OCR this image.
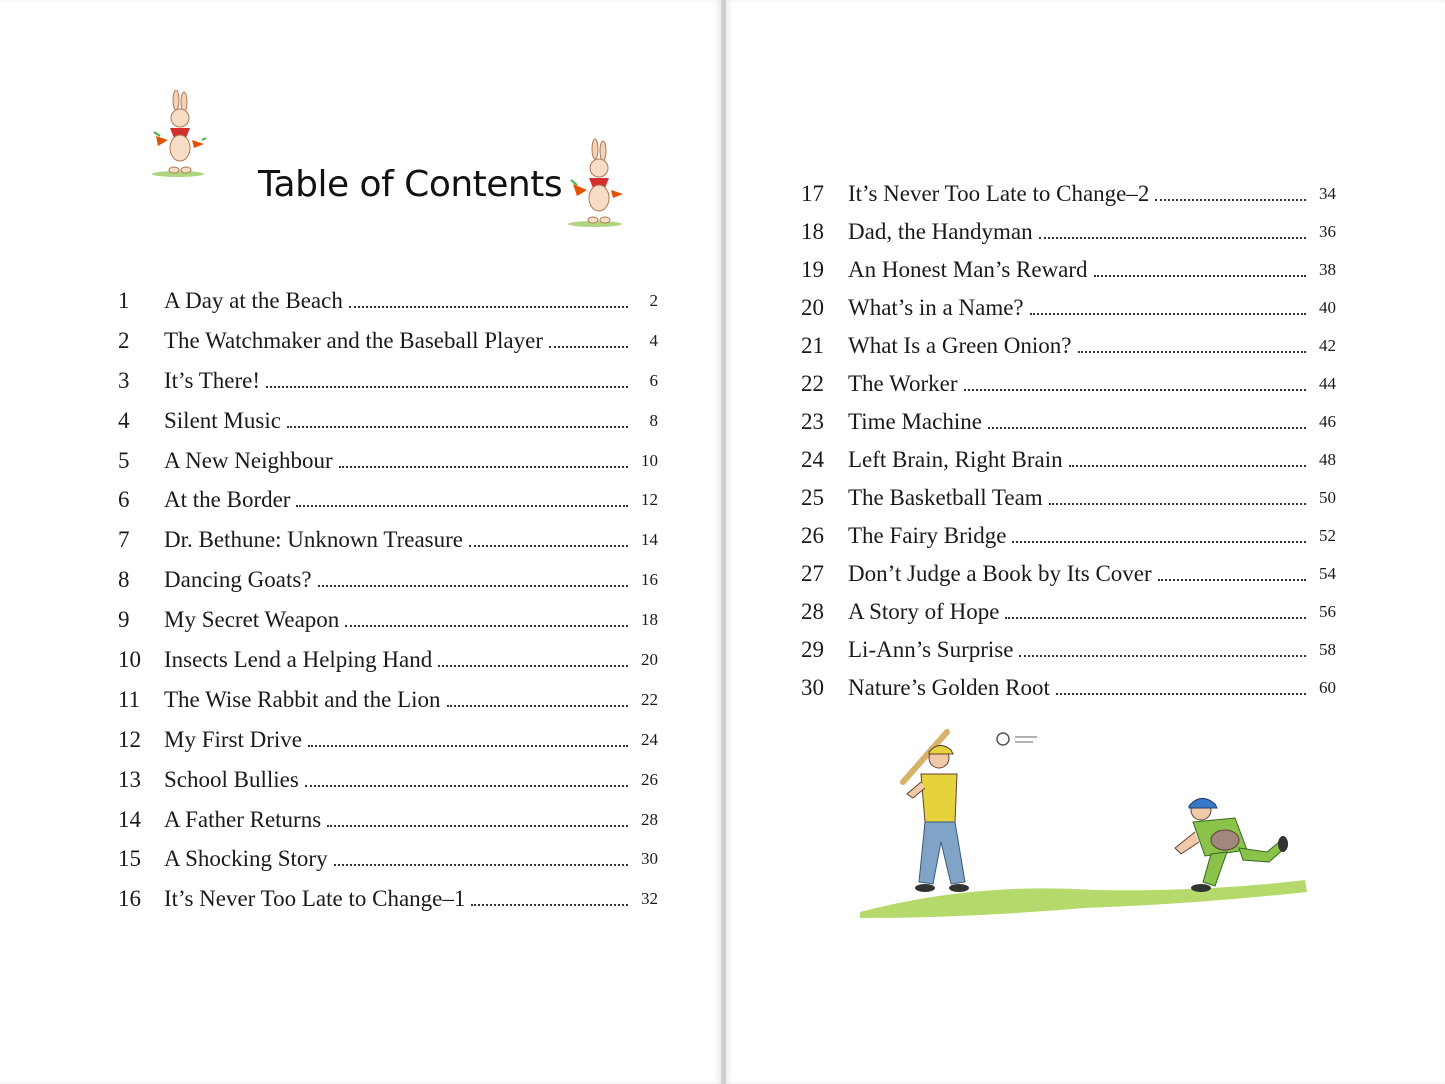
Table of Contents
1 A Day at the Beach	2
2 The Watchmaker and the Baseball Player	4
3 It’s There!	6
4 Silent Music	8
5 A New Neighbour	10
6 At the Border	12
7 Dr. Bethune: Unknown Treasure	14
8 Dancing Goats?	16
9 My Secret Weapon	18
10 Insects Lend a Helping Hand	20
11 The Wise Rabbit and the Lion	22
12 My First Drive	24
13 School Bullies	26
14 A Father Returns	28
15 A Shocking Story	30
16 It’s Never Too Late to Change–1	32
17 It’s Never Too Late to Change–2	34
18 Dad, the Handyman	36
19 An Honest Man’s Reward	38
20 What’s in a Name?	40
21 What Is a Green Onion?	42
22 The Worker	44
23 Time Machine	46
24 Left Brain, Right Brain	48
25 The Basketball Team	50
26 The Fairy Bridge	52
27 Don’t Judge a Book by Its Cover	54
28 A Story of Hope	56
29 Li-Ann’s Surprise	58
30 Nature’s Golden Root	60
